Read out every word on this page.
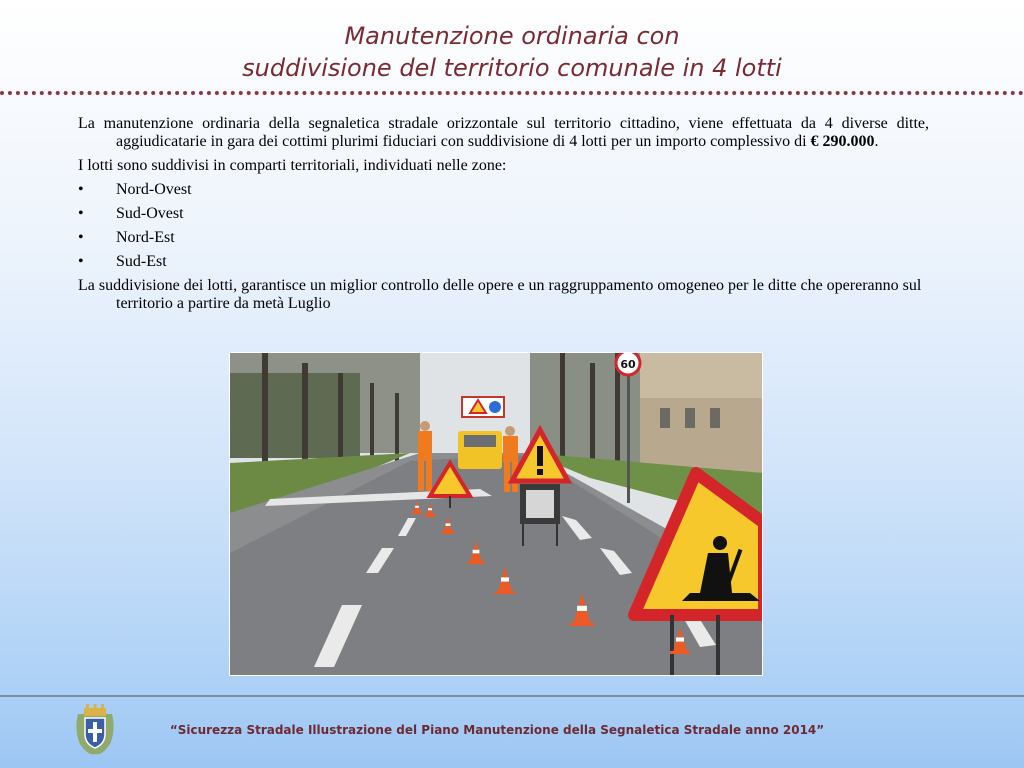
Manutenzione ordinaria con
suddivisione del territorio comunale in 4 lotti

La manutenzione ordinaria della segnaletica stradale orizzontale sul territorio cittadino, viene effettuata da 4 diverse ditte, aggiudicatarie in gara dei cottimi plurimi fiduciari con suddivisione di 4 lotti per un importo complessivo di € 290.000.

I lotti sono suddivisi in comparti territoriali, individuati nelle zone:

• Nord-Ovest
• Sud-Ovest
• Nord-Est
• Sud-Est

La suddivisione dei lotti, garantisce un miglior controllo delle opere e un raggruppamento omogeneo per le ditte che opereranno sul territorio a partire da metà Luglio

60
“Sicurezza Stradale Illustrazione del Piano Manutenzione della Segnaletica Stradale anno 2014”
